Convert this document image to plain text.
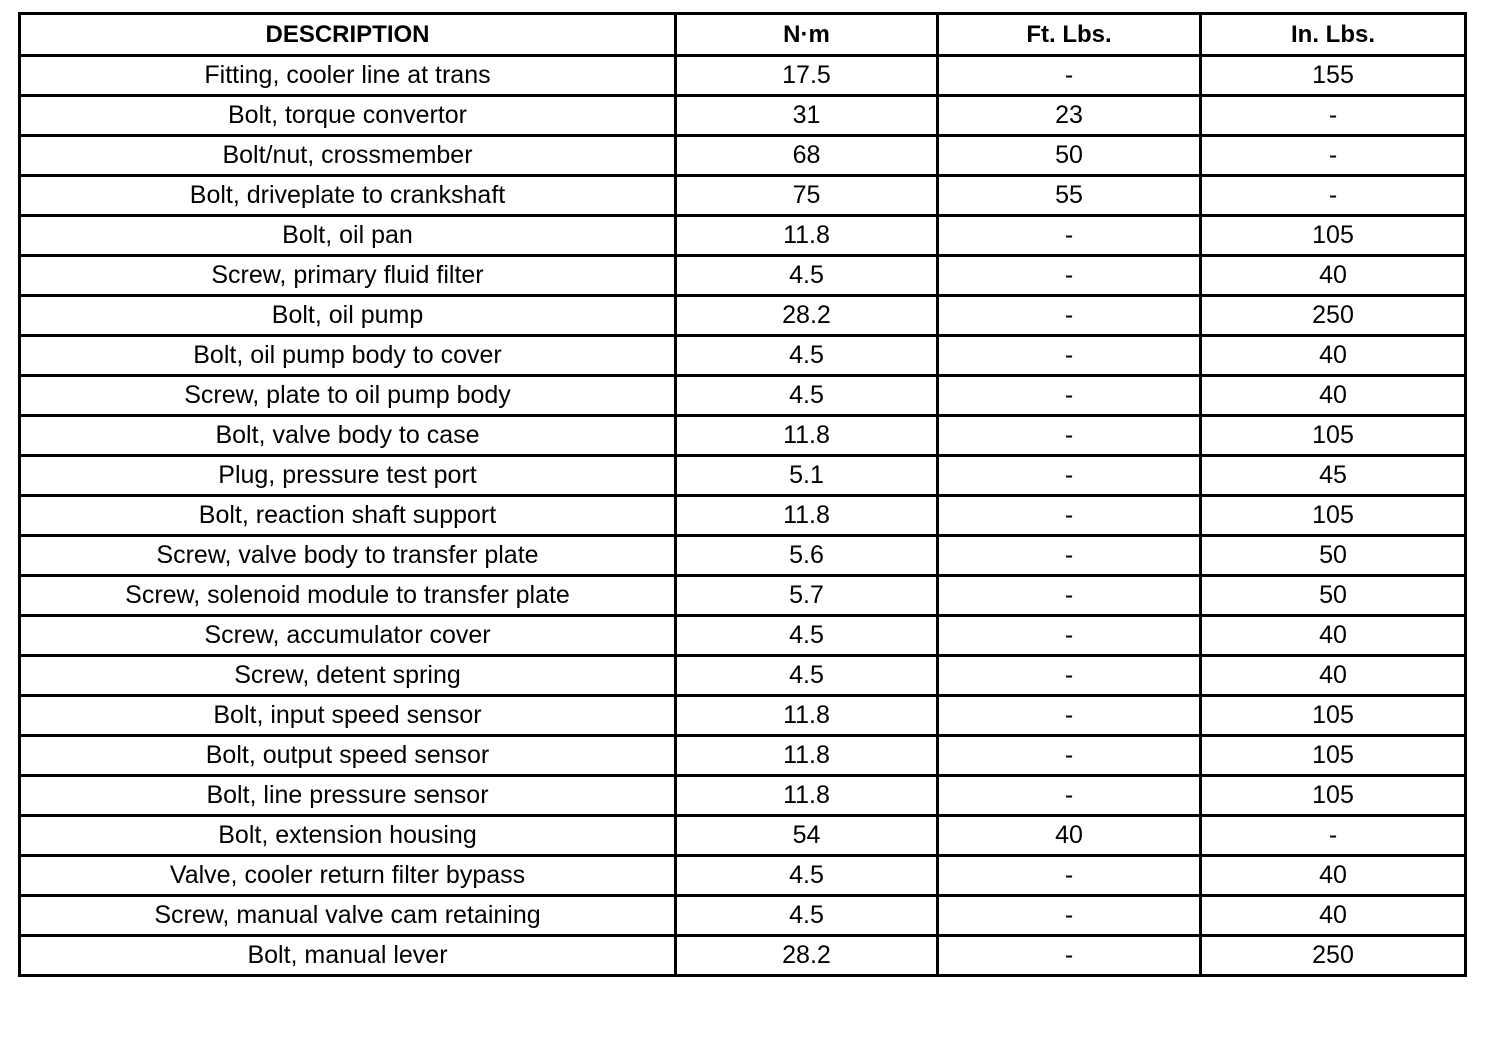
DESCRIPTION	N·m	Ft. Lbs.	In. Lbs.
Fitting, cooler line at trans	17.5	-	155
Bolt, torque convertor	31	23	-
Bolt/nut, crossmember	68	50	-
Bolt, driveplate to crankshaft	75	55	-
Bolt, oil pan	11.8	-	105
Screw, primary fluid filter	4.5	-	40
Bolt, oil pump	28.2	-	250
Bolt, oil pump body to cover	4.5	-	40
Screw, plate to oil pump body	4.5	-	40
Bolt, valve body to case	11.8	-	105
Plug, pressure test port	5.1	-	45
Bolt, reaction shaft support	11.8	-	105
Screw, valve body to transfer plate	5.6	-	50
Screw, solenoid module to transfer plate	5.7	-	50
Screw, accumulator cover	4.5	-	40
Screw, detent spring	4.5	-	40
Bolt, input speed sensor	11.8	-	105
Bolt, output speed sensor	11.8	-	105
Bolt, line pressure sensor	11.8	-	105
Bolt, extension housing	54	40	-
Valve, cooler return filter bypass	4.5	-	40
Screw, manual valve cam retaining	4.5	-	40
Bolt, manual lever	28.2	-	250
